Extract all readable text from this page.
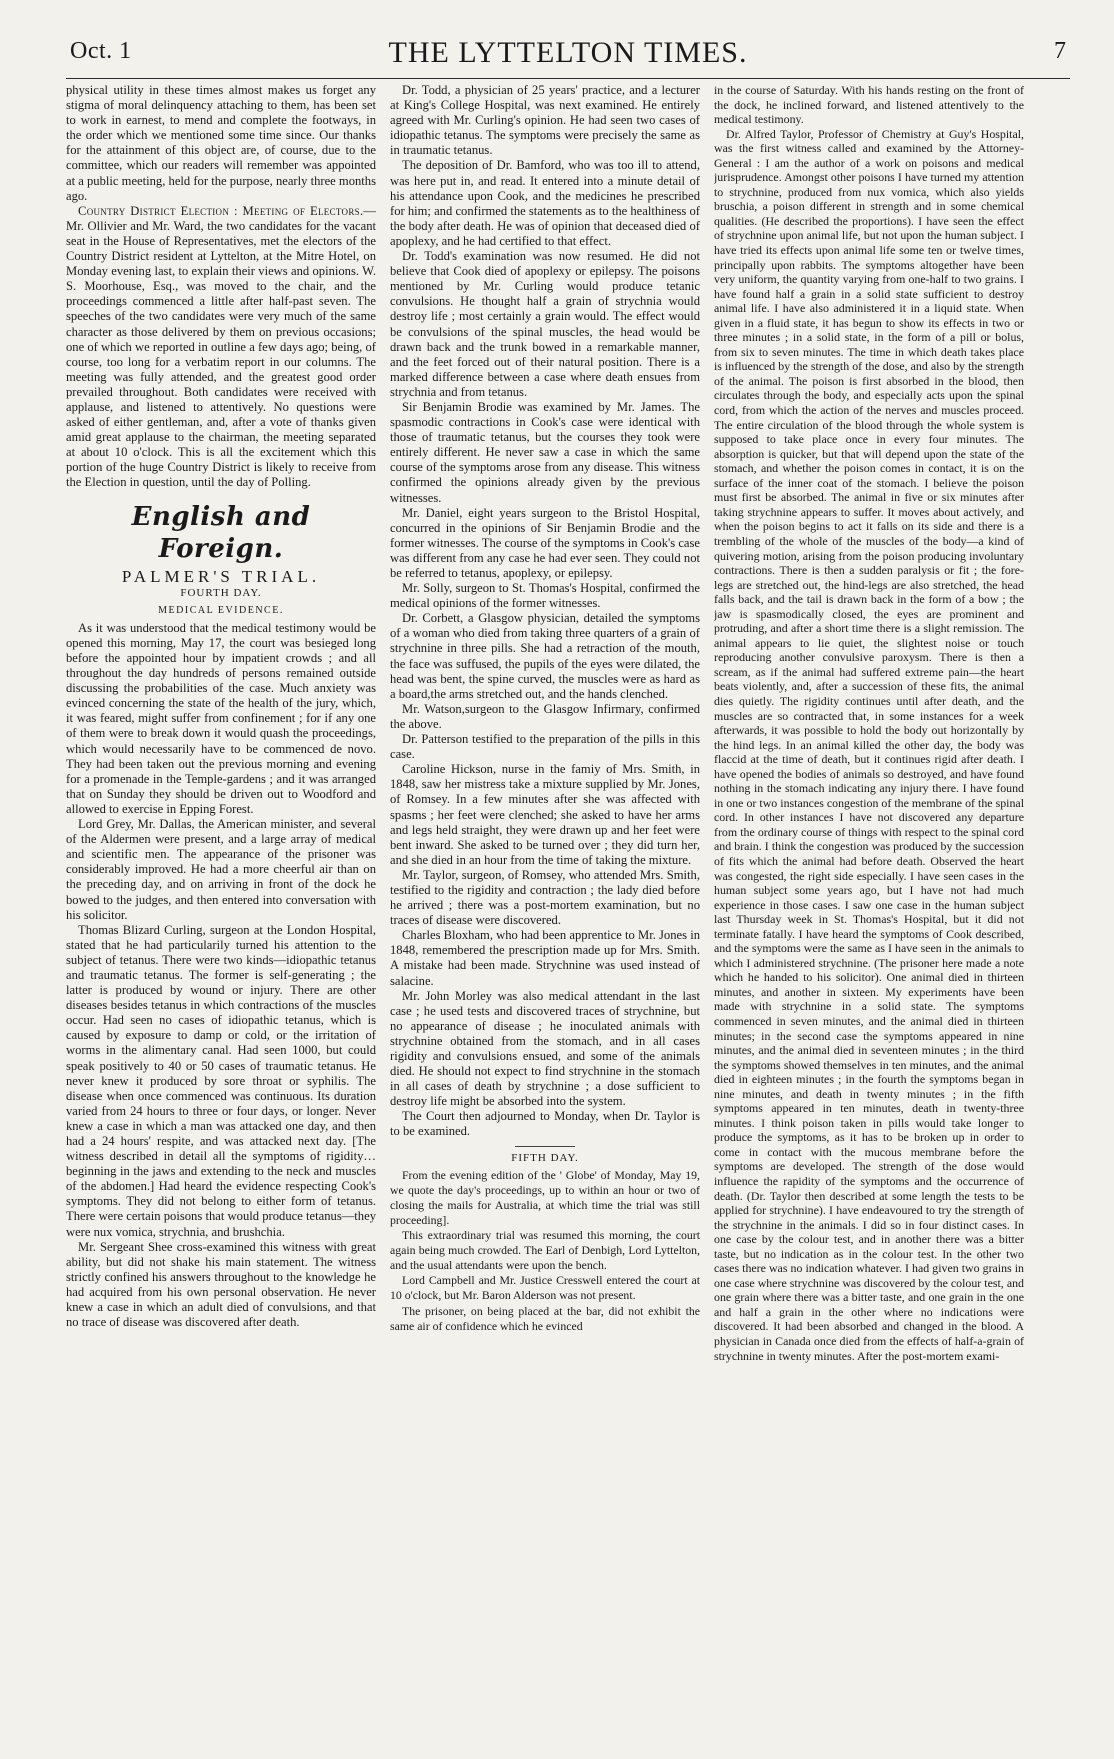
Oct. 1	THE LYTTELTON TIMES.	7

physical utility in these times almost makes us forget any stigma of moral delinquency attaching to them, has been set to work in earnest, to mend and complete the footways, in the order which we mentioned some time since. Our thanks for the attainment of this object are, of course, due to the committee, which our readers will remember was appointed at a public meeting, held for the purpose, nearly three months ago.

Country District Election : Meeting of Electors.—Mr. Ollivier and Mr. Ward, the two candidates for the vacant seat in the House of Representatives, met the electors of the Country District resident at Lyttelton, at the Mitre Hotel, on Monday evening last, to explain their views and opinions. W. S. Moorhouse, Esq., was moved to the chair, and the proceedings commenced a little after half-past seven. The speeches of the two candidates were very much of the same character as those delivered by them on previous occasions; one of which we reported in outline a few days ago; being, of course, too long for a verbatim report in our columns. The meeting was fully attended, and the greatest good order prevailed throughout. Both candidates were received with applause, and listened to attentively. No questions were asked of either gentleman, and, after a vote of thanks given amid great applause to the chairman, the meeting separated at about 10 o'clock. This is all the excitement which this portion of the huge Country District is likely to receive from the Election in question, until the day of Polling.

English and Foreign.
PALMER'S TRIAL.
FOURTH DAY.
MEDICAL EVIDENCE.

As it was understood that the medical testimony would be opened this morning, May 17, the court was besieged long before the appointed hour by impatient crowds ; and all throughout the day hundreds of persons remained outside discussing the probabilities of the case. Much anxiety was evinced concerning the state of the health of the jury, which, it was feared, might suffer from confinement ; for if any one of them were to break down it would quash the proceedings, which would necessarily have to be commenced de novo. They had been taken out the previous morning and evening for a promenade in the Temple-gardens ; and it was arranged that on Sunday they should be driven out to Woodford and allowed to exercise in Epping Forest.

Lord Grey, Mr. Dallas, the American minister, and several of the Aldermen were present, and a large array of medical and scientific men. The appearance of the prisoner was considerably improved. He had a more cheerful air than on the preceding day, and on arriving in front of the dock he bowed to the judges, and then entered into conversation with his solicitor.

Thomas Blizard Curling, surgeon at the London Hospital, stated that he had particularily turned his attention to the subject of tetanus. There were two kinds—idiopathic tetanus and traumatic tetanus. The former is self-generating ; the latter is produced by wound or injury. There are other diseases besides tetanus in which contractions of the muscles occur. Had seen no cases of idiopathic tetanus, which is caused by exposure to damp or cold, or the irritation of worms in the alimentary canal. Had seen 1000, but could speak positively to 40 or 50 cases of traumatic tetanus. He never knew it produced by sore throat or syphilis. The disease when once commenced was continuous. Its duration varied from 24 hours to three or four days, or longer. Never knew a case in which a man was attacked one day, and then had a 24 hours' respite, and was attacked next day. [The witness described in detail all the symptoms of rigidity…beginning in the jaws and extending to the neck and muscles of the abdomen.] Had heard the evidence respecting Cook's symptoms. They did not belong to either form of tetanus. There were certain poisons that would produce tetanus—they were nux vomica, strychnia, and brushchia.

Mr. Sergeant Shee cross-examined this witness with great ability, but did not shake his main statement. The witness strictly confined his answers throughout to the knowledge he had acquired from his own personal observation. He never knew a case in which an adult died of convulsions, and that no trace of disease was discovered after death.

Dr. Todd, a physician of 25 years' practice, and a lecturer at King's College Hospital, was next examined. He entirely agreed with Mr. Curling's opinion. He had seen two cases of idiopathic tetanus. The symptoms were precisely the same as in traumatic tetanus.

The deposition of Dr. Bamford, who was too ill to attend, was here put in, and read. It entered into a minute detail of his attendance upon Cook, and the medicines he prescribed for him; and confirmed the statements as to the healthiness of the body after death. He was of opinion that deceased died of apoplexy, and he had certified to that effect.

Dr. Todd's examination was now resumed. He did not believe that Cook died of apoplexy or epilepsy. The poisons mentioned by Mr. Curling would produce tetanic convulsions. He thought half a grain of strychnia would destroy life ; most certainly a grain would. The effect would be convulsions of the spinal muscles, the head would be drawn back and the trunk bowed in a remarkable manner, and the feet forced out of their natural position. There is a marked difference between a case where death ensues from strychnia and from tetanus.

Sir Benjamin Brodie was examined by Mr. James. The spasmodic contractions in Cook's case were identical with those of traumatic tetanus, but the courses they took were entirely different. He never saw a case in which the same course of the symptoms arose from any disease. This witness confirmed the opinions already given by the previous witnesses.

Mr. Daniel, eight years surgeon to the Bristol Hospital, concurred in the opinions of Sir Benjamin Brodie and the former witnesses. The course of the symptoms in Cook's case was different from any case he had ever seen. They could not be referred to tetanus, apoplexy, or epilepsy.

Mr. Solly, surgeon to St. Thomas's Hospital, confirmed the medical opinions of the former witnesses.

Dr. Corbett, a Glasgow physician, detailed the symptoms of a woman who died from taking three quarters of a grain of strychnine in three pills. She had a retraction of the mouth, the face was suffused, the pupils of the eyes were dilated, the head was bent, the spine curved, the muscles were as hard as a board,the arms stretched out, and the hands clenched.

Mr. Watson,surgeon to the Glasgow Infirmary, confirmed the above.

Dr. Patterson testified to the preparation of the pills in this case.

Caroline Hickson, nurse in the famiy of Mrs. Smith, in 1848, saw her mistress take a mixture supplied by Mr. Jones, of Romsey. In a few minutes after she was affected with spasms ; her feet were clenched; she asked to have her arms and legs held straight, they were drawn up and her feet were bent inward. She asked to be turned over ; they did turn her, and she died in an hour from the time of taking the mixture.

Mr. Taylor, surgeon, of Romsey, who attended Mrs. Smith, testified to the rigidity and contraction ; the lady died before he arrived ; there was a post-mortem examination, but no traces of disease were discovered.

Charles Bloxham, who had been apprentice to Mr. Jones in 1848, remembered the prescription made up for Mrs. Smith. A mistake had been made. Strychnine was used instead of salacine.

Mr. John Morley was also medical attendant in the last case ; he used tests and discovered traces of strychnine, but no appearance of disease ; he inoculated animals with strychnine obtained from the stomach, and in all cases rigidity and convulsions ensued, and some of the animals died. He should not expect to find strychnine in the stomach in all cases of death by strychnine ; a dose sufficient to destroy life might be absorbed into the system.

The Court then adjourned to Monday, when Dr. Taylor is to be examined.

FIFTH DAY.

From the evening edition of the ' Globe' of Monday, May 19, we quote the day's proceedings, up to within an hour or two of closing the mails for Australia, at which time the trial was still proceeding].

This extraordinary trial was resumed this morning, the court again being much crowded. The Earl of Denbigh, Lord Lyttelton, and the usual attendants were upon the bench.

Lord Campbell and Mr. Justice Cresswell entered the court at 10 o'clock, but Mr. Baron Alderson was not present.

The prisoner, on being placed at the bar, did not exhibit the same air of confidence which he evinced

in the course of Saturday. With his hands resting on the front of the dock, he inclined forward, and listened attentively to the medical testimony.

Dr. Alfred Taylor, Professor of Chemistry at Guy's Hospital, was the first witness called and examined by the Attorney-General : I am the author of a work on poisons and medical jurisprudence. Amongst other poisons I have turned my attention to strychnine, produced from nux vomica, which also yields bruschia, a poison different in strength and in some chemical qualities. (He described the proportions). I have seen the effect of strychnine upon animal life, but not upon the human subject. I have tried its effects upon animal life some ten or twelve times, principally upon rabbits. The symptoms altogether have been very uniform, the quantity varying from one-half to two grains. I have found half a grain in a solid state sufficient to destroy animal life. I have also administered it in a liquid state. When given in a fluid state, it has begun to show its effects in two or three minutes ; in a solid state, in the form of a pill or bolus, from six to seven minutes. The time in which death takes place is influenced by the strength of the dose, and also by the strength of the animal. The poison is first absorbed in the blood, then circulates through the body, and especially acts upon the spinal cord, from which the action of the nerves and muscles proceed. The entire circulation of the blood through the whole system is supposed to take place once in every four minutes. The absorption is quicker, but that will depend upon the state of the stomach, and whether the poison comes in contact, it is on the surface of the inner coat of the stomach. I believe the poison must first be absorbed. The animal in five or six minutes after taking strychnine appears to suffer. It moves about actively, and when the poison begins to act it falls on its side and there is a trembling of the whole of the muscles of the body—a kind of quivering motion, arising from the poison producing involuntary contractions. There is then a sudden paralysis or fit ; the fore-legs are stretched out, the hind-legs are also stretched, the head falls back, and the tail is drawn back in the form of a bow ; the jaw is spasmodically closed, the eyes are prominent and protruding, and after a short time there is a slight remission. The animal appears to lie quiet, the slightest noise or touch reproducing another convulsive paroxysm. There is then a scream, as if the animal had suffered extreme pain—the heart beats violently, and, after a succession of these fits, the animal dies quietly. The rigidity continues until after death, and the muscles are so contracted that, in some instances for a week afterwards, it was possible to hold the body out horizontally by the hind legs. In an animal killed the other day, the body was flaccid at the time of death, but it continues rigid after death. I have opened the bodies of animals so destroyed, and have found nothing in the stomach indicating any injury there. I have found in one or two instances congestion of the membrane of the spinal cord. In other instances I have not discovered any departure from the ordinary course of things with respect to the spinal cord and brain. I think the congestion was produced by the succession of fits which the animal had before death. Observed the heart was congested, the right side especially. I have seen cases in the human subject some years ago, but I have not had much experience in those cases. I saw one case in the human subject last Thursday week in St. Thomas's Hospital, but it did not terminate fatally. I have heard the symptoms of Cook described, and the symptoms were the same as I have seen in the animals to which I administered strychnine. (The prisoner here made a note which he handed to his solicitor). One animal died in thirteen minutes, and another in sixteen. My experiments have been made with strychnine in a solid state. The symptoms commenced in seven minutes, and the animal died in thirteen minutes; in the second case the symptoms appeared in nine minutes, and the animal died in seventeen minutes ; in the third the symptoms showed themselves in ten minutes, and the animal died in eighteen minutes ; in the fourth the symptoms began in nine minutes, and death in twenty minutes ; in the fifth symptoms appeared in ten minutes, death in twenty-three minutes. I think poison taken in pills would take longer to produce the symptoms, as it has to be broken up in order to come in contact with the mucous membrane before the symptoms are developed. The strength of the dose would influence the rapidity of the symptoms and the occurrence of death. (Dr. Taylor then described at some length the tests to be applied for strychnine). I have endeavoured to try the strength of the strychnine in the animals. I did so in four distinct cases. In one case by the colour test, and in another there was a bitter taste, but no indication as in the colour test. In the other two cases there was no indication whatever. I had given two grains in one case where strychnine was discovered by the colour test, and one grain where there was a bitter taste, and one grain in the one and half a grain in the other where no indications were discovered. It had been absorbed and changed in the blood. A physician in Canada once died from the effects of half-a-grain of strychnine in twenty minutes. After the post-mortem exami-
